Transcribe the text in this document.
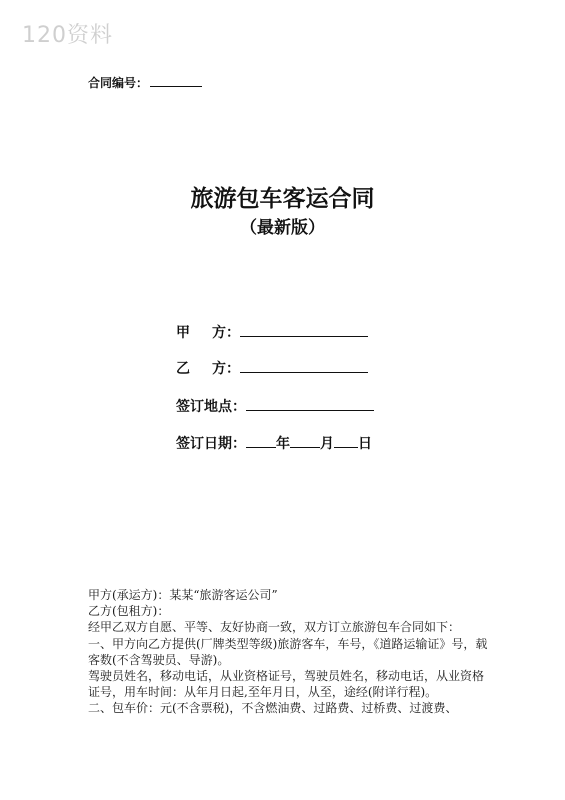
120资料
合同编号：
旅游包车客运合同
（最新版）
甲 方：
乙 方：
签订地点：
签订日期： 年 月 日

甲方(承运方)：某某“旅游客运公司”

乙方(包租方)：

经甲乙双方自愿、平等、友好协商一致，双方订立旅游包车合同如下：

一、甲方向乙方提供(厂牌类型等级)旅游客车，车号，《道路运输证》号，载客数(不含驾驶员、导游)。

驾驶员姓名，移动电话，从业资格证号，驾驶员姓名，移动电话，从业资格证号，用车时间：从年月日起,至年月日，从至，途经(附详行程)。

二、包车价：元(不含票税)，不含燃油费、过路费、过桥费、过渡费、
